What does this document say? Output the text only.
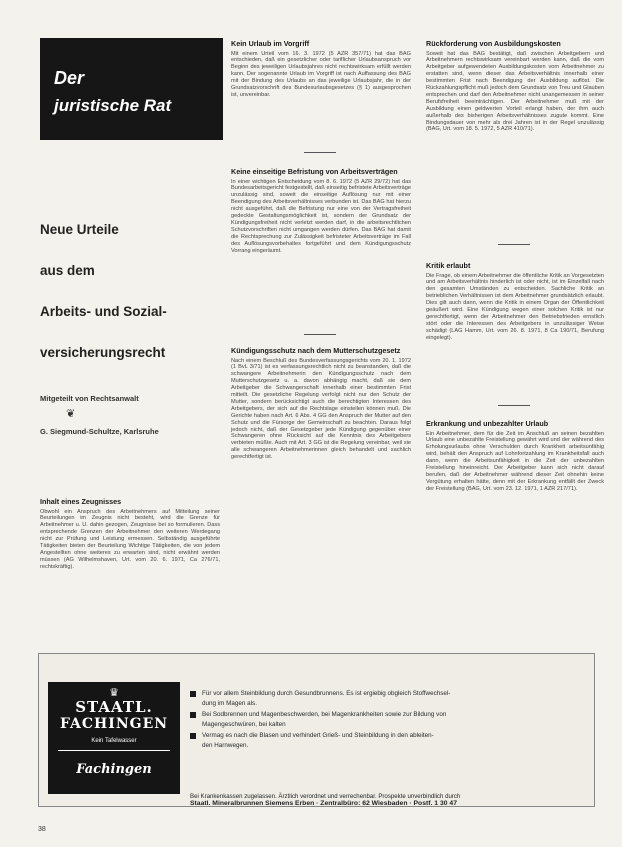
Der
juristische Rat
Neue Urteile
aus dem
Arbeits- und Sozial-
versicherungsrecht
Mitgeteilt von Rechtsanwalt
❦
G. Siegmund-Schultze, Karlsruhe
Inhalt eines Zeugnisses
Obwohl ein Anspruch des Arbeitnehmers auf Mitteilung seiner Beurteilungen im Zeugnis nicht besteht, wird die Grenze für Arbeitnehmer u. U. dahin gezogen, Zeugnisse bei so formulieren. Dass entsprechende Grenzen der Arbeitnehmer den weiteren Werdegang nicht zur Prüfung und Leistung ermessen. Selbständig ausgeführte Tätigkeiten bieten der Beurteilung Wichtige Tätigkeiten, die von jedem Angestellten ohne weiteres zu erwarten sind, nicht erwähnt werden müssen (AG Wilhelmshaven, Urt. vom 20. 6. 1971, Ca 276/71, rechtskräftig).
Kein Urlaub im Vorgriff
Mit einem Urteil vom 16. 3. 1972 (5 AZR 357/71) hat das BAG entschieden, daß ein gesetzlicher oder tariflicher Urlaubsanspruch vor Beginn des jeweiligen Urlaubsjahres nicht rechtswirksam erfüllt werden kann. Der sogenannte Urlaub im Vorgriff ist nach Auffassung des BAG mit der Bindung des Urlaubs an das jeweilige Urlaubsjahr, die in der Grundsatzvorschrift des Bundesurlaubsgesetzes (§ 1) ausgesprochen ist, unvereinbar.
Keine einseitige Befristung von Arbeitsverträgen
In einer wichtigen Entscheidung vom 8. 6. 1972 (5 AZR 29/72) hat das Bundesarbeitsgericht festgestellt, daß einseitig befristete Arbeitsverträge unzulässig sind, soweit die einseitige Auflösung nur mit einer Beendigung des Arbeitsverhältnisses verbunden ist. Das BAG hat hierzu nicht ausgeführt, daß die Befristung nur eine von der Vertragsfreiheit gedeckte Gestaltungsmöglichkeit ist, sondern der Grundsatz der Kündigungsfreiheit nicht verletzt werden darf, in die arbeitsrechtlichen Schutzvorschriften nicht umgangen werden dürfen. Das BAG hat damit die Rechtsprechung zur Zulässigkeit befristeter Arbeitsverträge im Fall des Auflösungsvorbehaltes fortgeführt und dem Kündigungsschutz Vorrang eingeräumt.
Kündigungsschutz nach dem Mutterschutzgesetz
Nach einem Beschluß des Bundesverfassungsgerichts vom 20. 1. 1972 (1 BvL 3/71) ist es verfassungsrechtlich nicht zu beanstanden, daß die schwangere Arbeitnehmerin den Kündigungsschutz nach dem Mutterschutzgesetz u. a. davon abhängig macht, daß sie dem Arbeitgeber die Schwangerschaft innerhalb einer bestimmten Frist mitteilt. Die gesetzliche Regelung verfolgt nicht nur den Schutz der Mutter, sondern berücksichtigt auch die berechtigten Interessen des Arbeitgebers, der sich auf die Rechtslage einstellen können muß. Die Gerichte haben nach Art. 6 Abs. 4 GG den Anspruch der Mutter auf den Schutz und die Fürsorge der Gemeinschaft zu beachten. Daraus folgt jedoch nicht, daß der Gesetzgeber jede Kündigung gegenüber einer Schwangeren ohne Rücksicht auf die Kenntnis des Arbeitgebers verbieten müßte. Auch mit Art. 3 GG ist die Regelung vereinbar, weil sie alle schwangeren Arbeitnehmerinnen gleich behandelt und sachlich gerechtfertigt ist.
Rückforderung von Ausbildungskosten
Soweit hat das BAG bestätigt, daß zwischen Arbeitgebern und Arbeitnehmern rechtswirksam vereinbart werden kann, daß die vom Arbeitgeber aufgewendeten Ausbildungskosten vom Arbeitnehmer zu erstatten sind, wenn dieser das Arbeitsverhältnis innerhalb einer bestimmten Frist nach Beendigung der Ausbildung auflöst. Die Rückzahlungspflicht muß jedoch dem Grundsatz von Treu und Glauben entsprechen und darf den Arbeitnehmer nicht unangemessen in seiner Berufsfreiheit beeinträchtigen. Der Arbeitnehmer muß mit der Ausbildung einen geldwerten Vorteil erlangt haben, der ihm auch außerhalb des bisherigen Arbeitsverhältnisses zugute kommt. Eine Bindungsdauer von mehr als drei Jahren ist in der Regel unzulässig (BAG, Urt. vom 18. 5. 1972, 5 AZR 410/71).
Kritik erlaubt
Die Frage, ob einem Arbeitnehmer die öffentliche Kritik an Vorgesetzten und am Arbeitsverhältnis hinderlich ist oder nicht, ist im Einzelfall nach den gesamten Umständen zu entscheiden. Sachliche Kritik an betrieblichen Verhältnissen ist dem Arbeitnehmer grundsätzlich erlaubt. Dies gilt auch dann, wenn die Kritik in einem Organ der Öffentlichkeit geäußert wird. Eine Kündigung wegen einer solchen Kritik ist nur gerechtfertigt, wenn der Arbeitnehmer den Betriebsfrieden ernstlich stört oder die Interessen des Arbeitgebers in unzulässiger Weise schädigt (LAG Hamm, Urt. vom 26. 8. 1971, 8 Ca 190/71, Berufung eingelegt).
Erkrankung und unbezahlter Urlaub
Ein Arbeitnehmer, dem für die Zeit im Anschluß an seinen bezahlten Urlaub eine unbezahlte Freistellung gewährt wird und der während des Erholungsurlaubs ohne Verschulden durch Krankheit arbeitsunfähig wird, behält den Anspruch auf Lohnfortzahlung im Krankheitsfall auch dann, wenn die Arbeitsunfähigkeit in die Zeit der unbezahlten Freistellung hineinreicht. Der Arbeitgeber kann sich nicht darauf berufen, daß der Arbeitnehmer während dieser Zeit ohnehin keine Vergütung erhalten hätte, denn mit der Erkrankung entfällt der Zweck der Freistellung (BAG, Urt. vom 23. 12. 1971, 1 AZR 217/71).
♛
STAATL.
FACHINGEN
Kein Tafelwasser
Fachingen
Für vor allem Steinbildung durch Gesundbrunnens. Es ist ergiebig obgleich Stoffwechsel-
dung im Magen als.
Bei Sodbrennen und Magenbeschwerden, bei Magenkrankheiten sowie zur Bildung von
Magengeschwüren, bei kalten
Vermag es nach die Blasen und verhindert Grieß- und Steinbildung in den ableiten-
den Harnwegen.
Bei Krankenkassen zugelassen. Ärztlich verordnet und verrechenbar. Prospekte unverbindlich durch
Staatl. Mineralbrunnen Siemens Erben · Zentralbüro: 62 Wiesbaden · Postf. 1 30 47
38
